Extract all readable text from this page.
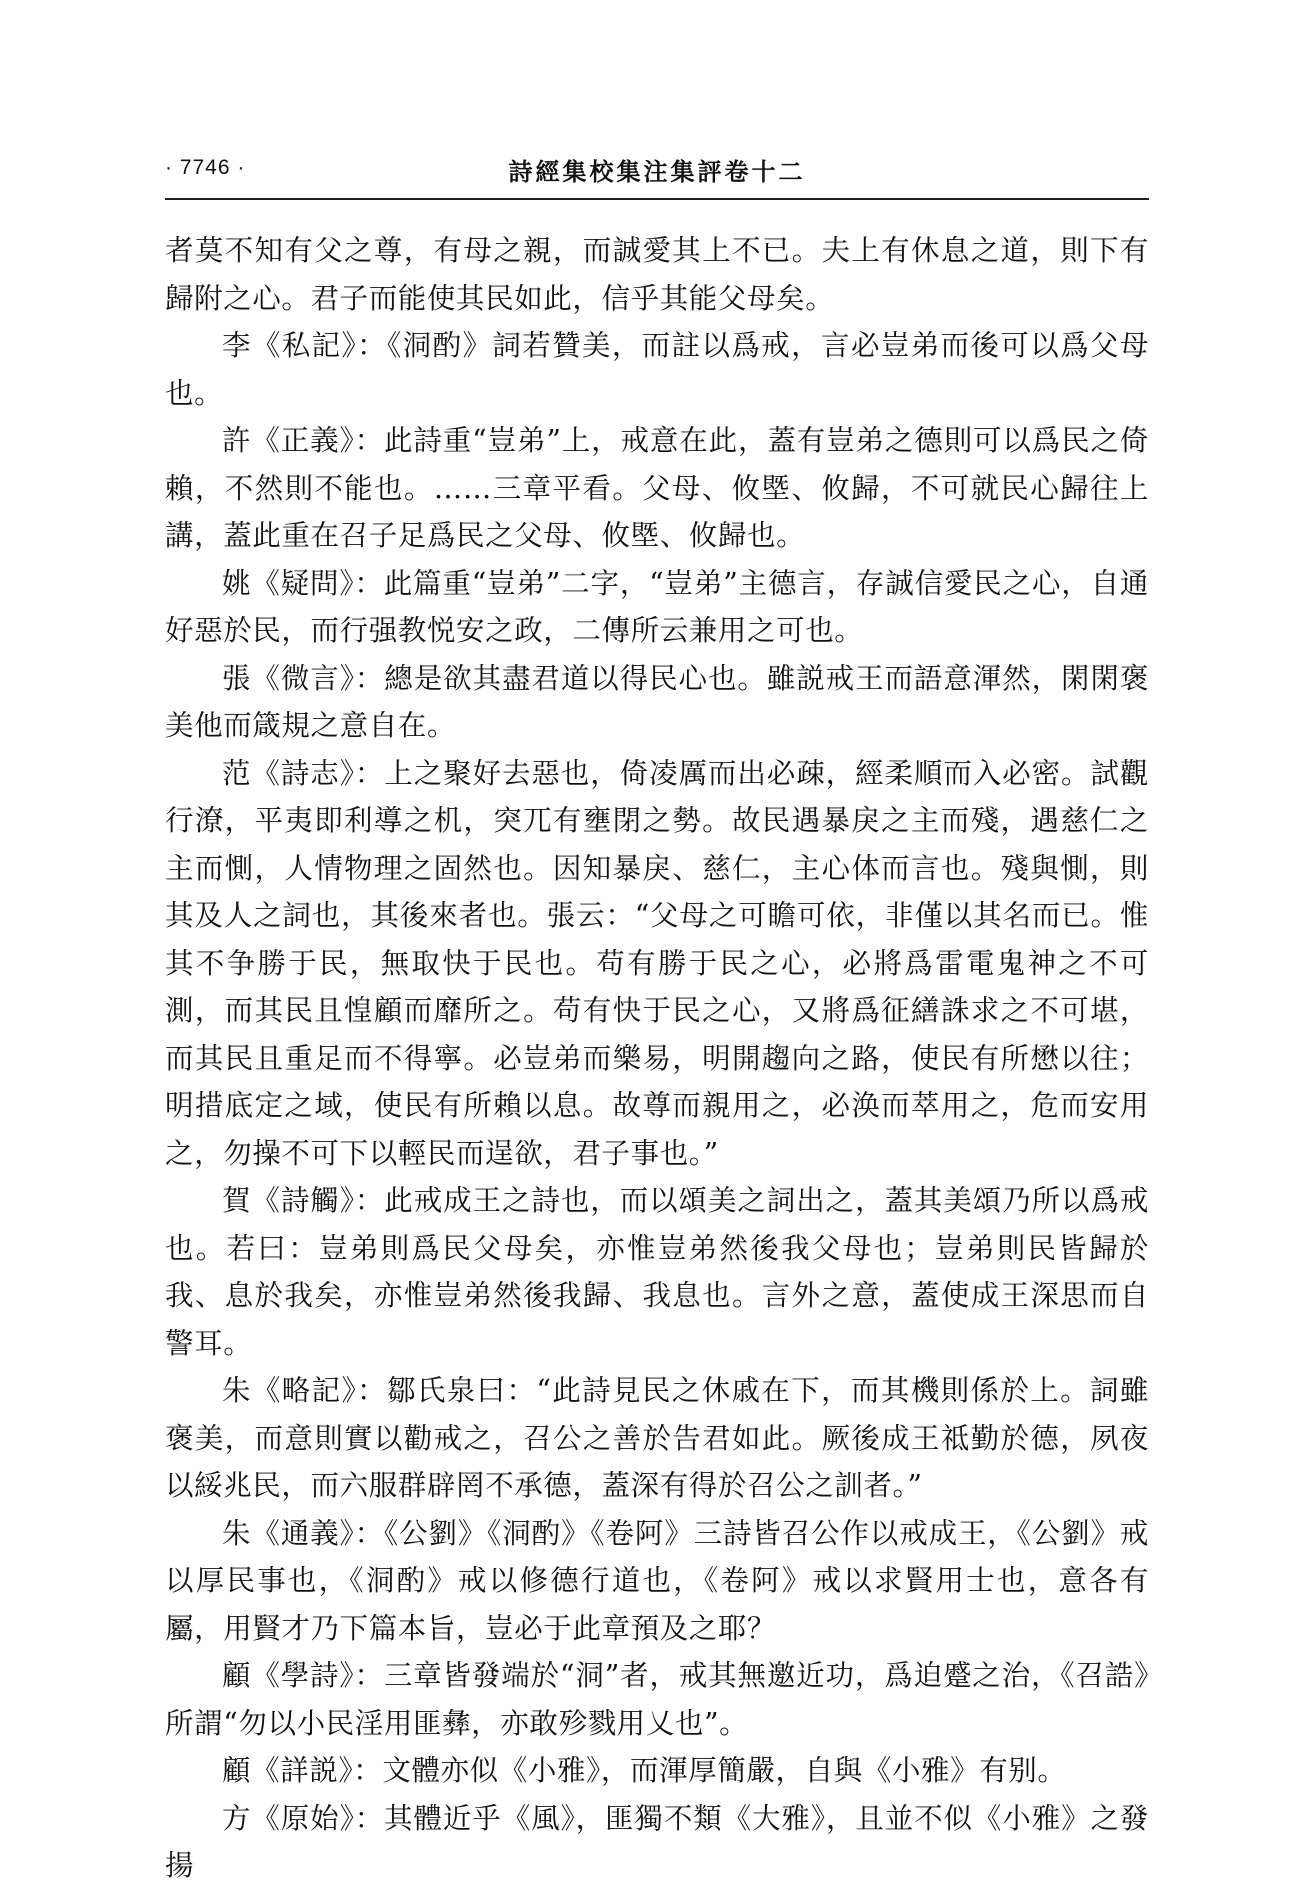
· 7746 ·	詩經集校集注集評卷十二

者莫不知有父之尊，有母之親，而誠愛其上不已。夫上有休息之道，則下有歸附之心。君子而能使其民如此，信乎其能父母矣。

李《私記》：《洞酌》詞若贊美，而註以爲戒，言必豈弟而後可以爲父母也。

許《正義》：此詩重“豈弟”上，戒意在此，蓋有豈弟之德則可以爲民之倚賴，不然則不能也。……三章平看。父母、攸塈、攸歸，不可就民心歸往上講，蓋此重在召子足爲民之父母、攸塈、攸歸也。

姚《疑問》：此篇重“豈弟”二字，“豈弟”主德言，存誠信愛民之心，自通好惡於民，而行强教悦安之政，二傳所云兼用之可也。

張《微言》：總是欲其盡君道以得民心也。雖説戒王而語意渾然，閑閑褒美他而箴規之意自在。

范《詩志》：上之聚好去惡也，倚凌厲而出必疎，經柔順而入必密。試觀行潦，平夷即利導之机，突兀有壅閉之勢。故民遇暴戾之主而殘，遇慈仁之主而惻，人情物理之固然也。因知暴戾、慈仁，主心体而言也。殘與惻，則其及人之詞也，其後來者也。張云：“父母之可瞻可依，非僅以其名而已。惟其不争勝于民，無取快于民也。苟有勝于民之心，必將爲雷電鬼神之不可測，而其民且惶顧而靡所之。苟有快于民之心，又將爲征繕誅求之不可堪，而其民且重足而不得寧。必豈弟而樂易，明開趨向之路，使民有所懋以往；明措底定之域，使民有所賴以息。故尊而親用之，必涣而萃用之，危而安用之，勿操不可下以輕民而逞欲，君子事也。”

賀《詩觸》：此戒成王之詩也，而以頌美之詞出之，蓋其美頌乃所以爲戒也。若曰：豈弟則爲民父母矣，亦惟豈弟然後我父母也；豈弟則民皆歸於我、息於我矣，亦惟豈弟然後我歸、我息也。言外之意，蓋使成王深思而自警耳。

朱《略記》：鄒氏泉曰：“此詩見民之休戚在下，而其機則係於上。詞雖褒美，而意則實以勸戒之，召公之善於告君如此。厥後成王祗勤於德，夙夜以綏兆民，而六服群辟罔不承德，蓋深有得於召公之訓者。”

朱《通義》：《公劉》《洞酌》《卷阿》三詩皆召公作以戒成王，《公劉》戒以厚民事也，《洞酌》戒以修德行道也，《卷阿》戒以求賢用士也，意各有屬，用賢才乃下篇本旨，豈必于此章預及之耶？

顧《學詩》：三章皆發端於“洞”者，戒其無邀近功，爲迫蹙之治，《召誥》所謂“勿以小民淫用匪彝，亦敢殄戮用乂也”。

顧《詳説》：文體亦似《小雅》，而渾厚簡嚴，自與《小雅》有别。

方《原始》：其體近乎《風》，匪獨不類《大雅》，且並不似《小雅》之發揚
